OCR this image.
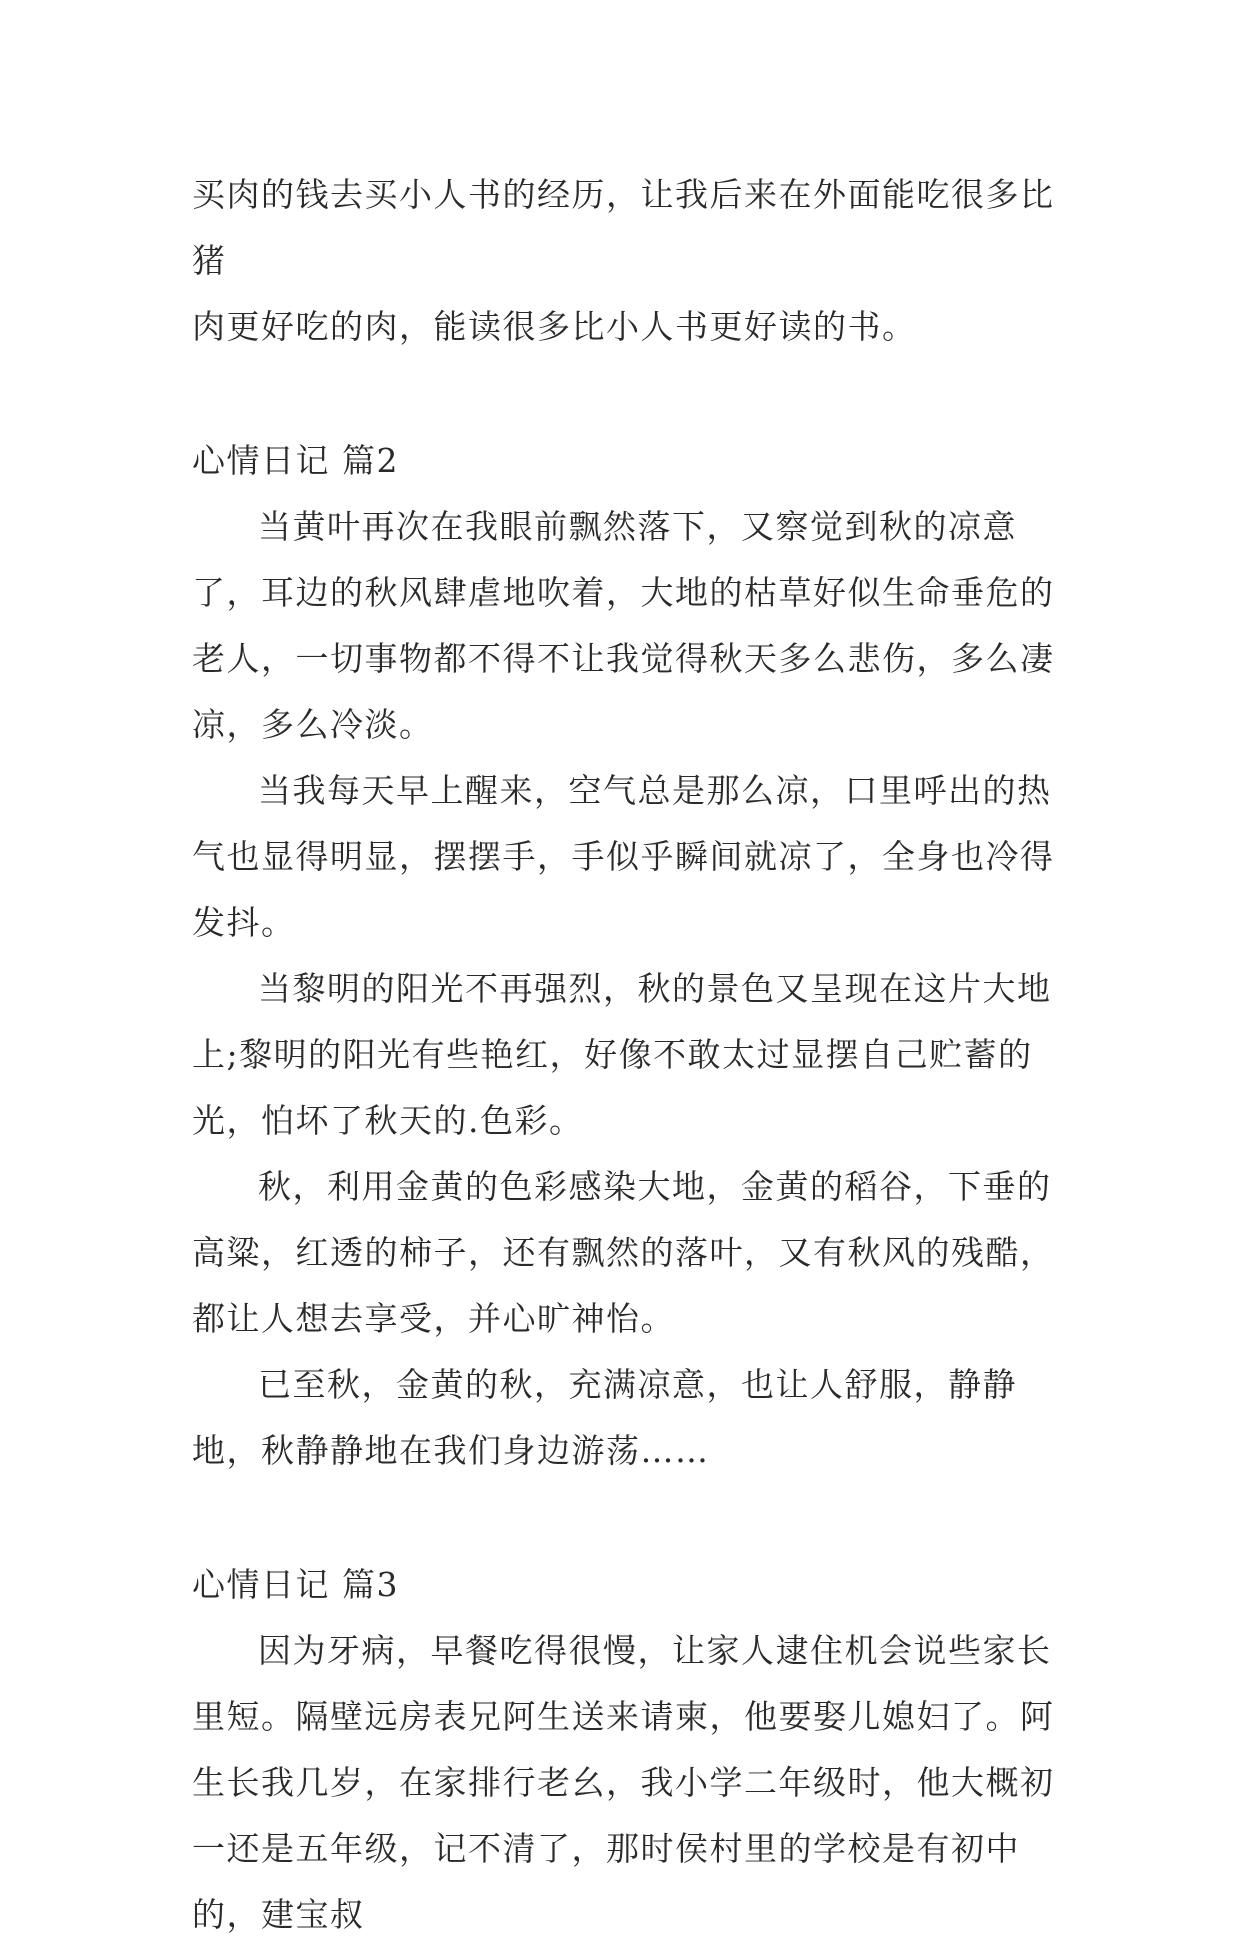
买肉的钱去买小人书的经历，让我后来在外面能吃很多比猪

肉更好吃的肉，能读很多比小人书更好读的书。

心情日记 篇2

当黄叶再次在我眼前飘然落下，又察觉到秋的凉意了，耳边的秋风肆虐地吹着，大地的枯草好似生命垂危的老人，一切事物都不得不让我觉得秋天多么悲伤，多么凄凉，多么冷淡。

当我每天早上醒来，空气总是那么凉，口里呼出的热气也显得明显，摆摆手，手似乎瞬间就凉了，全身也冷得发抖。

当黎明的阳光不再强烈，秋的景色又呈现在这片大地上;黎明的阳光有些艳红，好像不敢太过显摆自己贮蓄的光，怕坏了秋天的.色彩。

秋，利用金黄的色彩感染大地，金黄的稻谷，下垂的高粱，红透的柿子，还有飘然的落叶，又有秋风的残酷，都让人想去享受，并心旷神怡。

已至秋，金黄的秋，充满凉意，也让人舒服，静静地，秋静静地在我们身边游荡……

心情日记 篇3

因为牙病，早餐吃得很慢，让家人逮住机会说些家长里短。隔壁远房表兄阿生送来请柬，他要娶儿媳妇了。阿生长我几岁，在家排行老幺，我小学二年级时，他大概初一还是五年级，记不清了，那时侯村里的学校是有初中的，建宝叔
